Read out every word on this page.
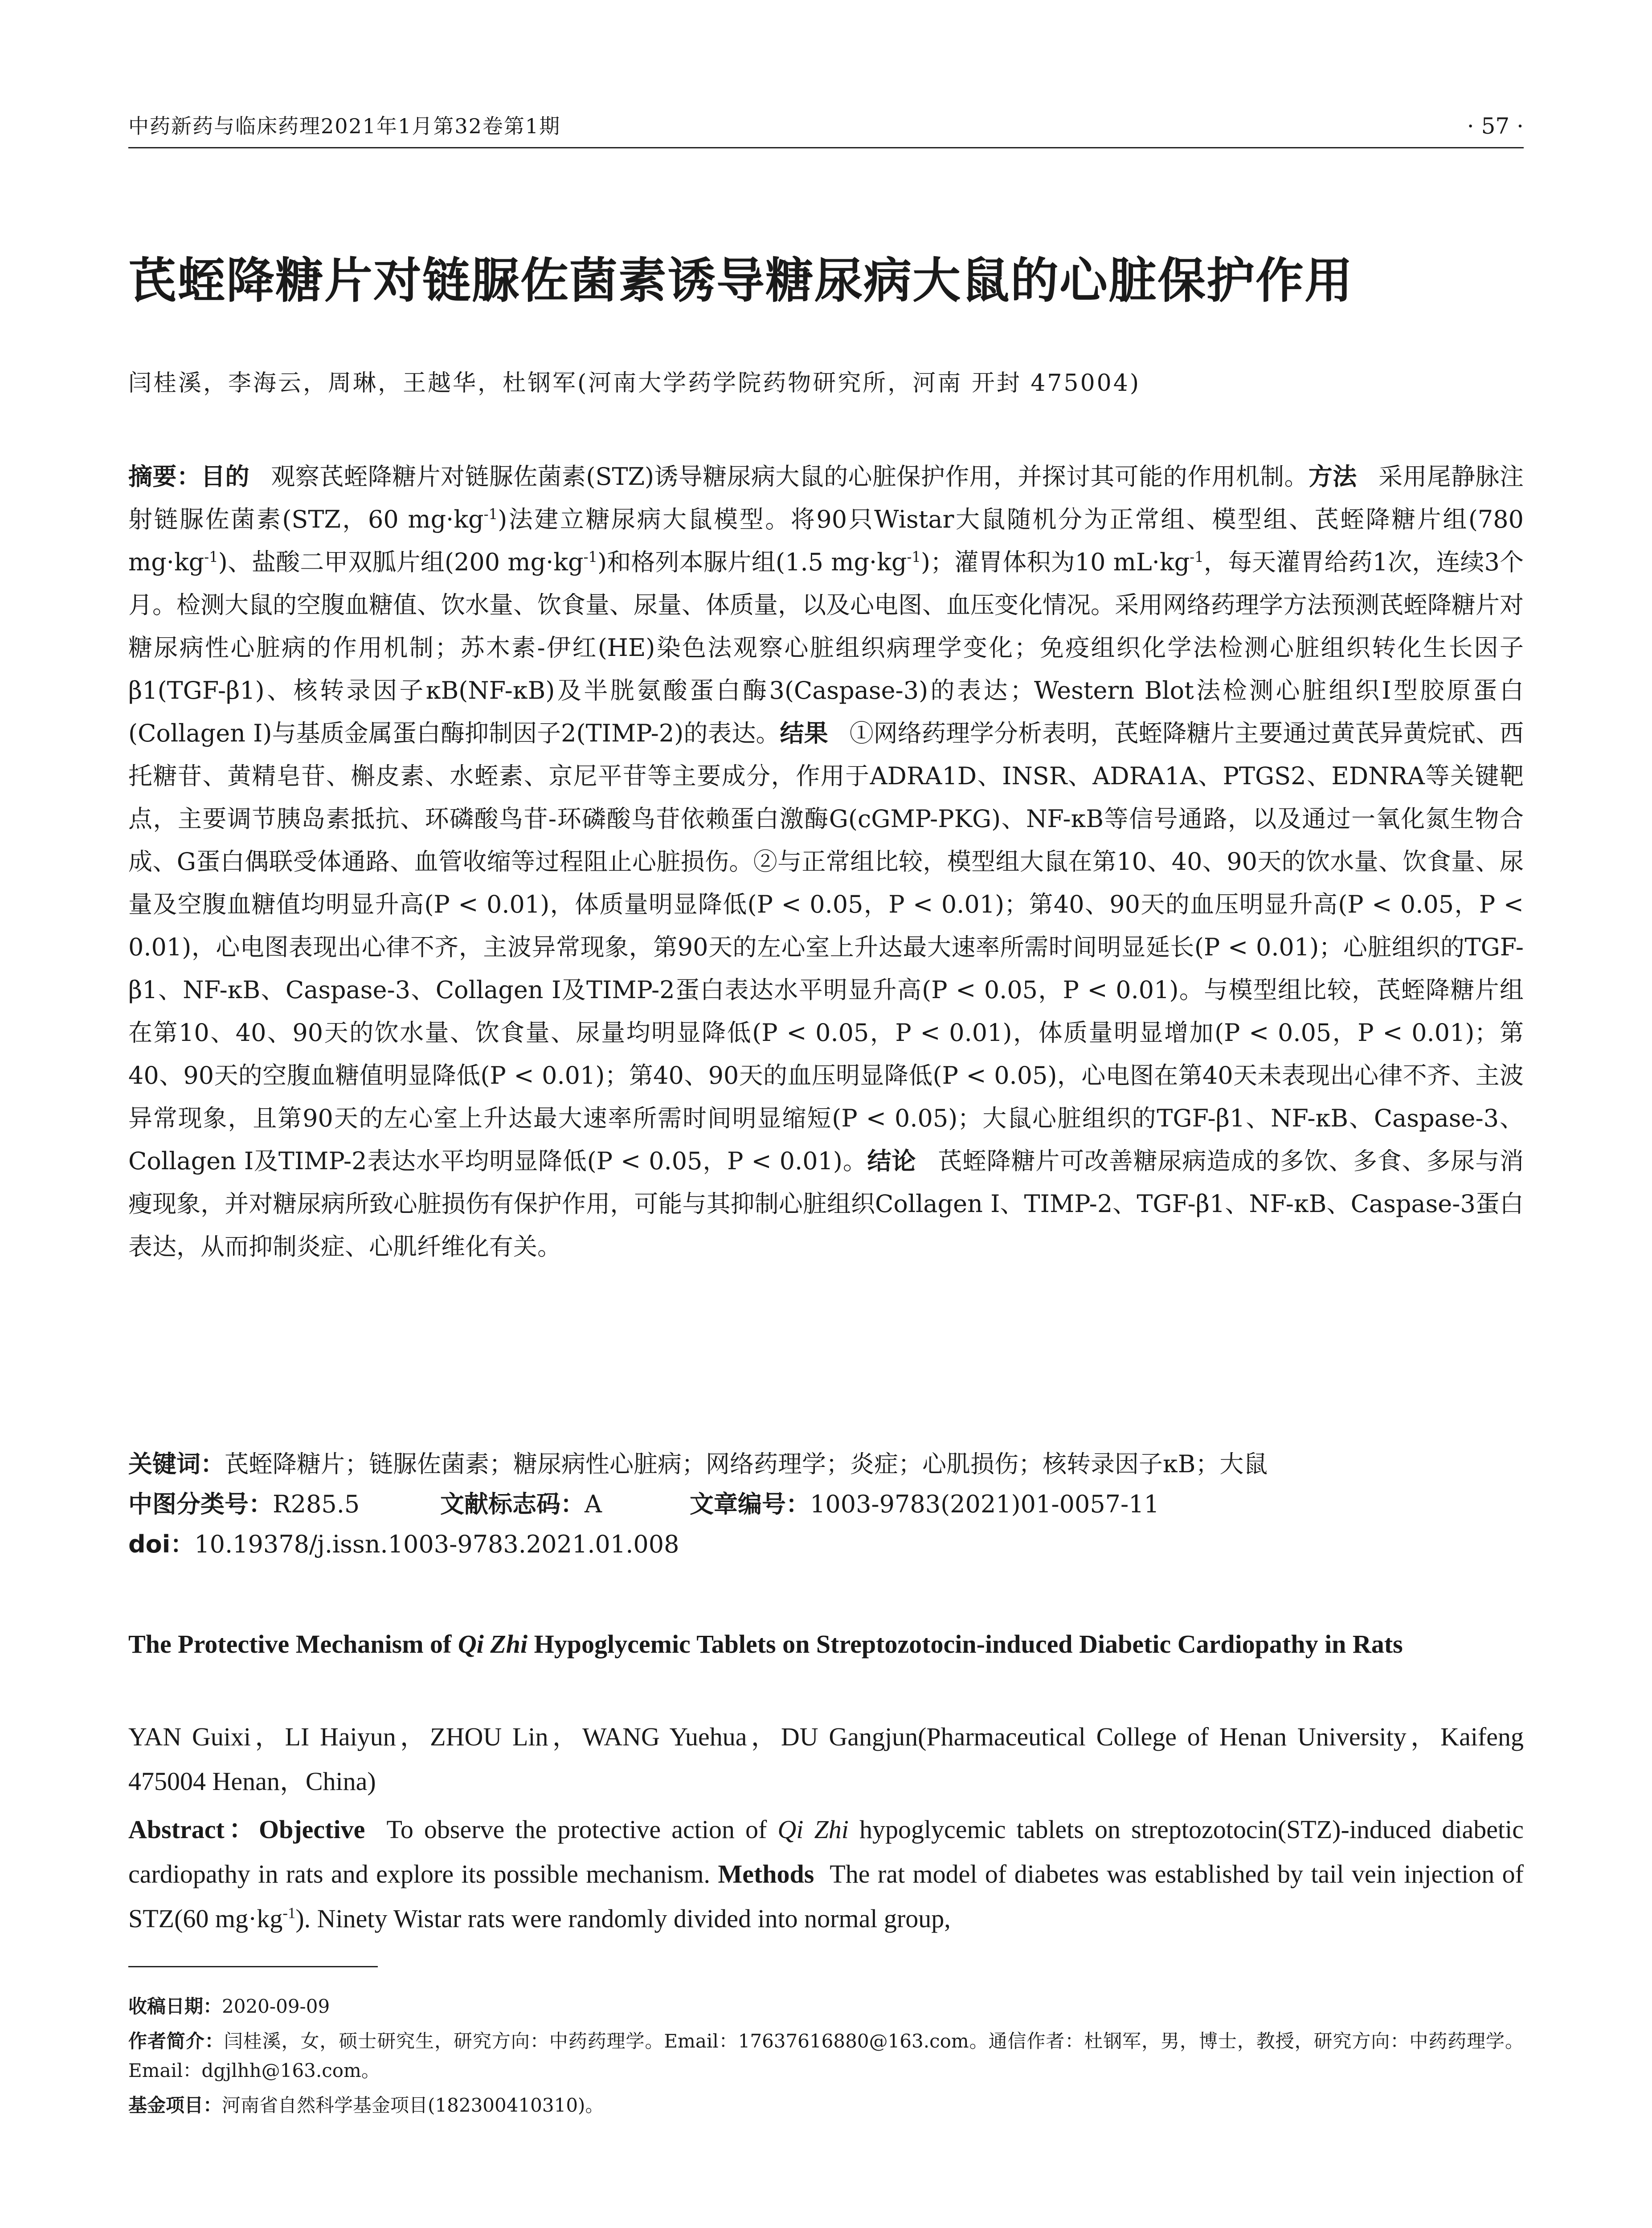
中药新药与临床药理2021年1月第32卷第1期	· 57 ·
芪蛭降糖片对链脲佐菌素诱导糖尿病大鼠的心脏保护作用
闫桂溪，李海云，周琳，王越华，杜钢军(河南大学药学院药物研究所，河南 开封 475004)
摘要：目的 观察芪蛭降糖片对链脲佐菌素(STZ)诱导糖尿病大鼠的心脏保护作用，并探讨其可能的作用机制。方法 采用尾静脉注射链脲佐菌素(STZ，60 $mg\cdot kg^{-1}$)法建立糖尿病大鼠模型。将90只Wistar大鼠随机分为正常组、模型组、芪蛭降糖片组(780 $mg\cdot kg^{-1}$)、盐酸二甲双胍片组(200 $mg\cdot kg^{-1}$)和格列本脲片组(1.5 $mg\cdot kg^{-1}$)；灌胃体积为10 $mL\cdot kg^{-1}$，每天灌胃给药1次，连续3个月。检测大鼠的空腹血糖值、饮水量、饮食量、尿量、体质量，以及心电图、血压变化情况。采用网络药理学方法预测芪蛭降糖片对糖尿病性心脏病的作用机制；苏木素-伊红(HE)染色法观察心脏组织病理学变化；免疫组织化学法检测心脏组织转化生长因子β1(TGF-β1)、核转录因子κB(NF-κB)及半胱氨酸蛋白酶3(Caspase-3)的表达；Western Blot法检测心脏组织I型胶原蛋白(Collagen I)与基质金属蛋白酶抑制因子2(TIMP-2)的表达。结果 ①网络药理学分析表明，芪蛭降糖片主要通过黄芪异黄烷甙、西托糖苷、黄精皂苷、槲皮素、水蛭素、京尼平苷等主要成分，作用于ADRA1D、INSR、ADRA1A、PTGS2、EDNRA等关键靶点，主要调节胰岛素抵抗、环磷酸鸟苷-环磷酸鸟苷依赖蛋白激酶G(cGMP-PKG)、NF-κB等信号通路，以及通过一氧化氮生物合成、G蛋白偶联受体通路、血管收缩等过程阻止心脏损伤。②与正常组比较，模型组大鼠在第10、40、90天的饮水量、饮食量、尿量及空腹血糖值均明显升高(P < 0.01)，体质量明显降低(P < 0.05，P < 0.01)；第40、90天的血压明显升高(P < 0.05，P < 0.01)，心电图表现出心律不齐，主波异常现象，第90天的左心室上升达最大速率所需时间明显延长(P < 0.01)；心脏组织的TGF-β1、NF-κB、Caspase-3、Collagen I及TIMP-2蛋白表达水平明显升高(P < 0.05，P < 0.01)。与模型组比较，芪蛭降糖片组在第10、40、90天的饮水量、饮食量、尿量均明显降低(P < 0.05，P < 0.01)，体质量明显增加(P < 0.05，P < 0.01)；第40、90天的空腹血糖值明显降低(P < 0.01)；第40、90天的血压明显降低(P < 0.05)，心电图在第40天未表现出心律不齐、主波异常现象，且第90天的左心室上升达最大速率所需时间明显缩短(P < 0.05)；大鼠心脏组织的TGF-β1、NF-κB、Caspase-3、Collagen I及TIMP-2表达水平均明显降低(P < 0.05，P < 0.01)。结论 芪蛭降糖片可改善糖尿病造成的多饮、多食、多尿与消瘦现象，并对糖尿病所致心脏损伤有保护作用，可能与其抑制心脏组织Collagen I、TIMP-2、TGF-β1、NF-κB、Caspase-3蛋白表达，从而抑制炎症、心肌纤维化有关。
关键词：芪蛭降糖片；链脲佐菌素；糖尿病性心脏病；网络药理学；炎症；心肌损伤；核转录因子κB；大鼠
中图分类号：R285.5	文献标志码：A	文章编号：1003-9783(2021)01-0057-11
doi：10.19378/j.issn.1003-9783.2021.01.008
The Protective Mechanism of Qi Zhi Hypoglycemic Tablets on Streptozotocin-induced Diabetic Cardiopathy in Rats
YAN Guixi，LI Haiyun，ZHOU Lin，WANG Yuehua，DU Gangjun(Pharmaceutical College of Henan University，Kaifeng 475004 Henan，China)
Abstract：Objective To observe the protective action of Qi Zhi hypoglycemic tablets on streptozotocin(STZ)-induced diabetic cardiopathy in rats and explore its possible mechanism. Methods The rat model of diabetes was established by tail vein injection of STZ(60 $mg\cdot kg^{-1}$). Ninety Wistar rats were randomly divided into normal group,
收稿日期：2020-09-09
作者简介：闫桂溪，女，硕士研究生，研究方向：中药药理学。Email：17637616880@163.com。通信作者：杜钢军，男，博士，教授，研究方向：中药药理学。Email：dgjlhh@163.com。
基金项目：河南省自然科学基金项目(182300410310)。
